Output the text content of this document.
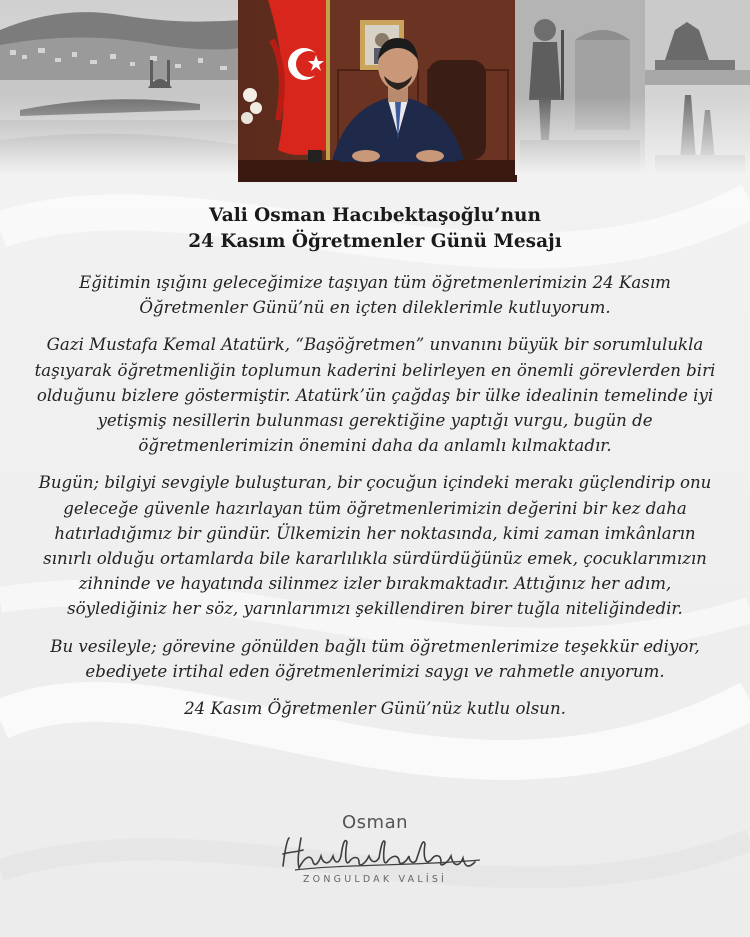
Vali Osman Hacıbektaşoğlu’nun
24 Kasım Öğretmenler Günü Mesajı

Eğitimin ışığını geleceğimize taşıyan tüm öğretmenlerimizin 24 Kasım Öğretmenler Günü’nü en içten dileklerimle kutluyorum.

Gazi Mustafa Kemal Atatürk, “Başöğretmen” unvanını büyük bir sorumlulukla taşıyarak öğretmenliğin toplumun kaderini belirleyen en önemli görevlerden biri olduğunu bizlere göstermiştir. Atatürk’ün çağdaş bir ülke idealinin temelinde iyi yetişmiş nesillerin bulunması gerektiğine yaptığı vurgu, bugün de öğretmenlerimizin önemini daha da anlamlı kılmaktadır.

Bugün; bilgiyi sevgiyle buluşturan, bir çocuğun içindeki merakı güçlendirip onu geleceğe güvenle hazırlayan tüm öğretmenlerimizin değerini bir kez daha hatırladığımız bir gündür. Ülkemizin her noktasında, kimi zaman imkânların sınırlı olduğu ortamlarda bile kararlılıkla sürdürdüğünüz emek, çocuklarımızın zihninde ve hayatında silinmez izler bırakmaktadır. Attığınız her adım, söylediğiniz her söz, yarınlarımızı şekillendiren birer tuğla niteliğindedir.

Bu vesileyle; görevine gönülden bağlı tüm öğretmenlerimize teşekkür ediyor, ebediyete irtihal eden öğretmenlerimizi saygı ve rahmetle anıyorum.

24 Kasım Öğretmenler Günü’nüz kutlu olsun.

Osman
ZONGULDAK VALİSİ
